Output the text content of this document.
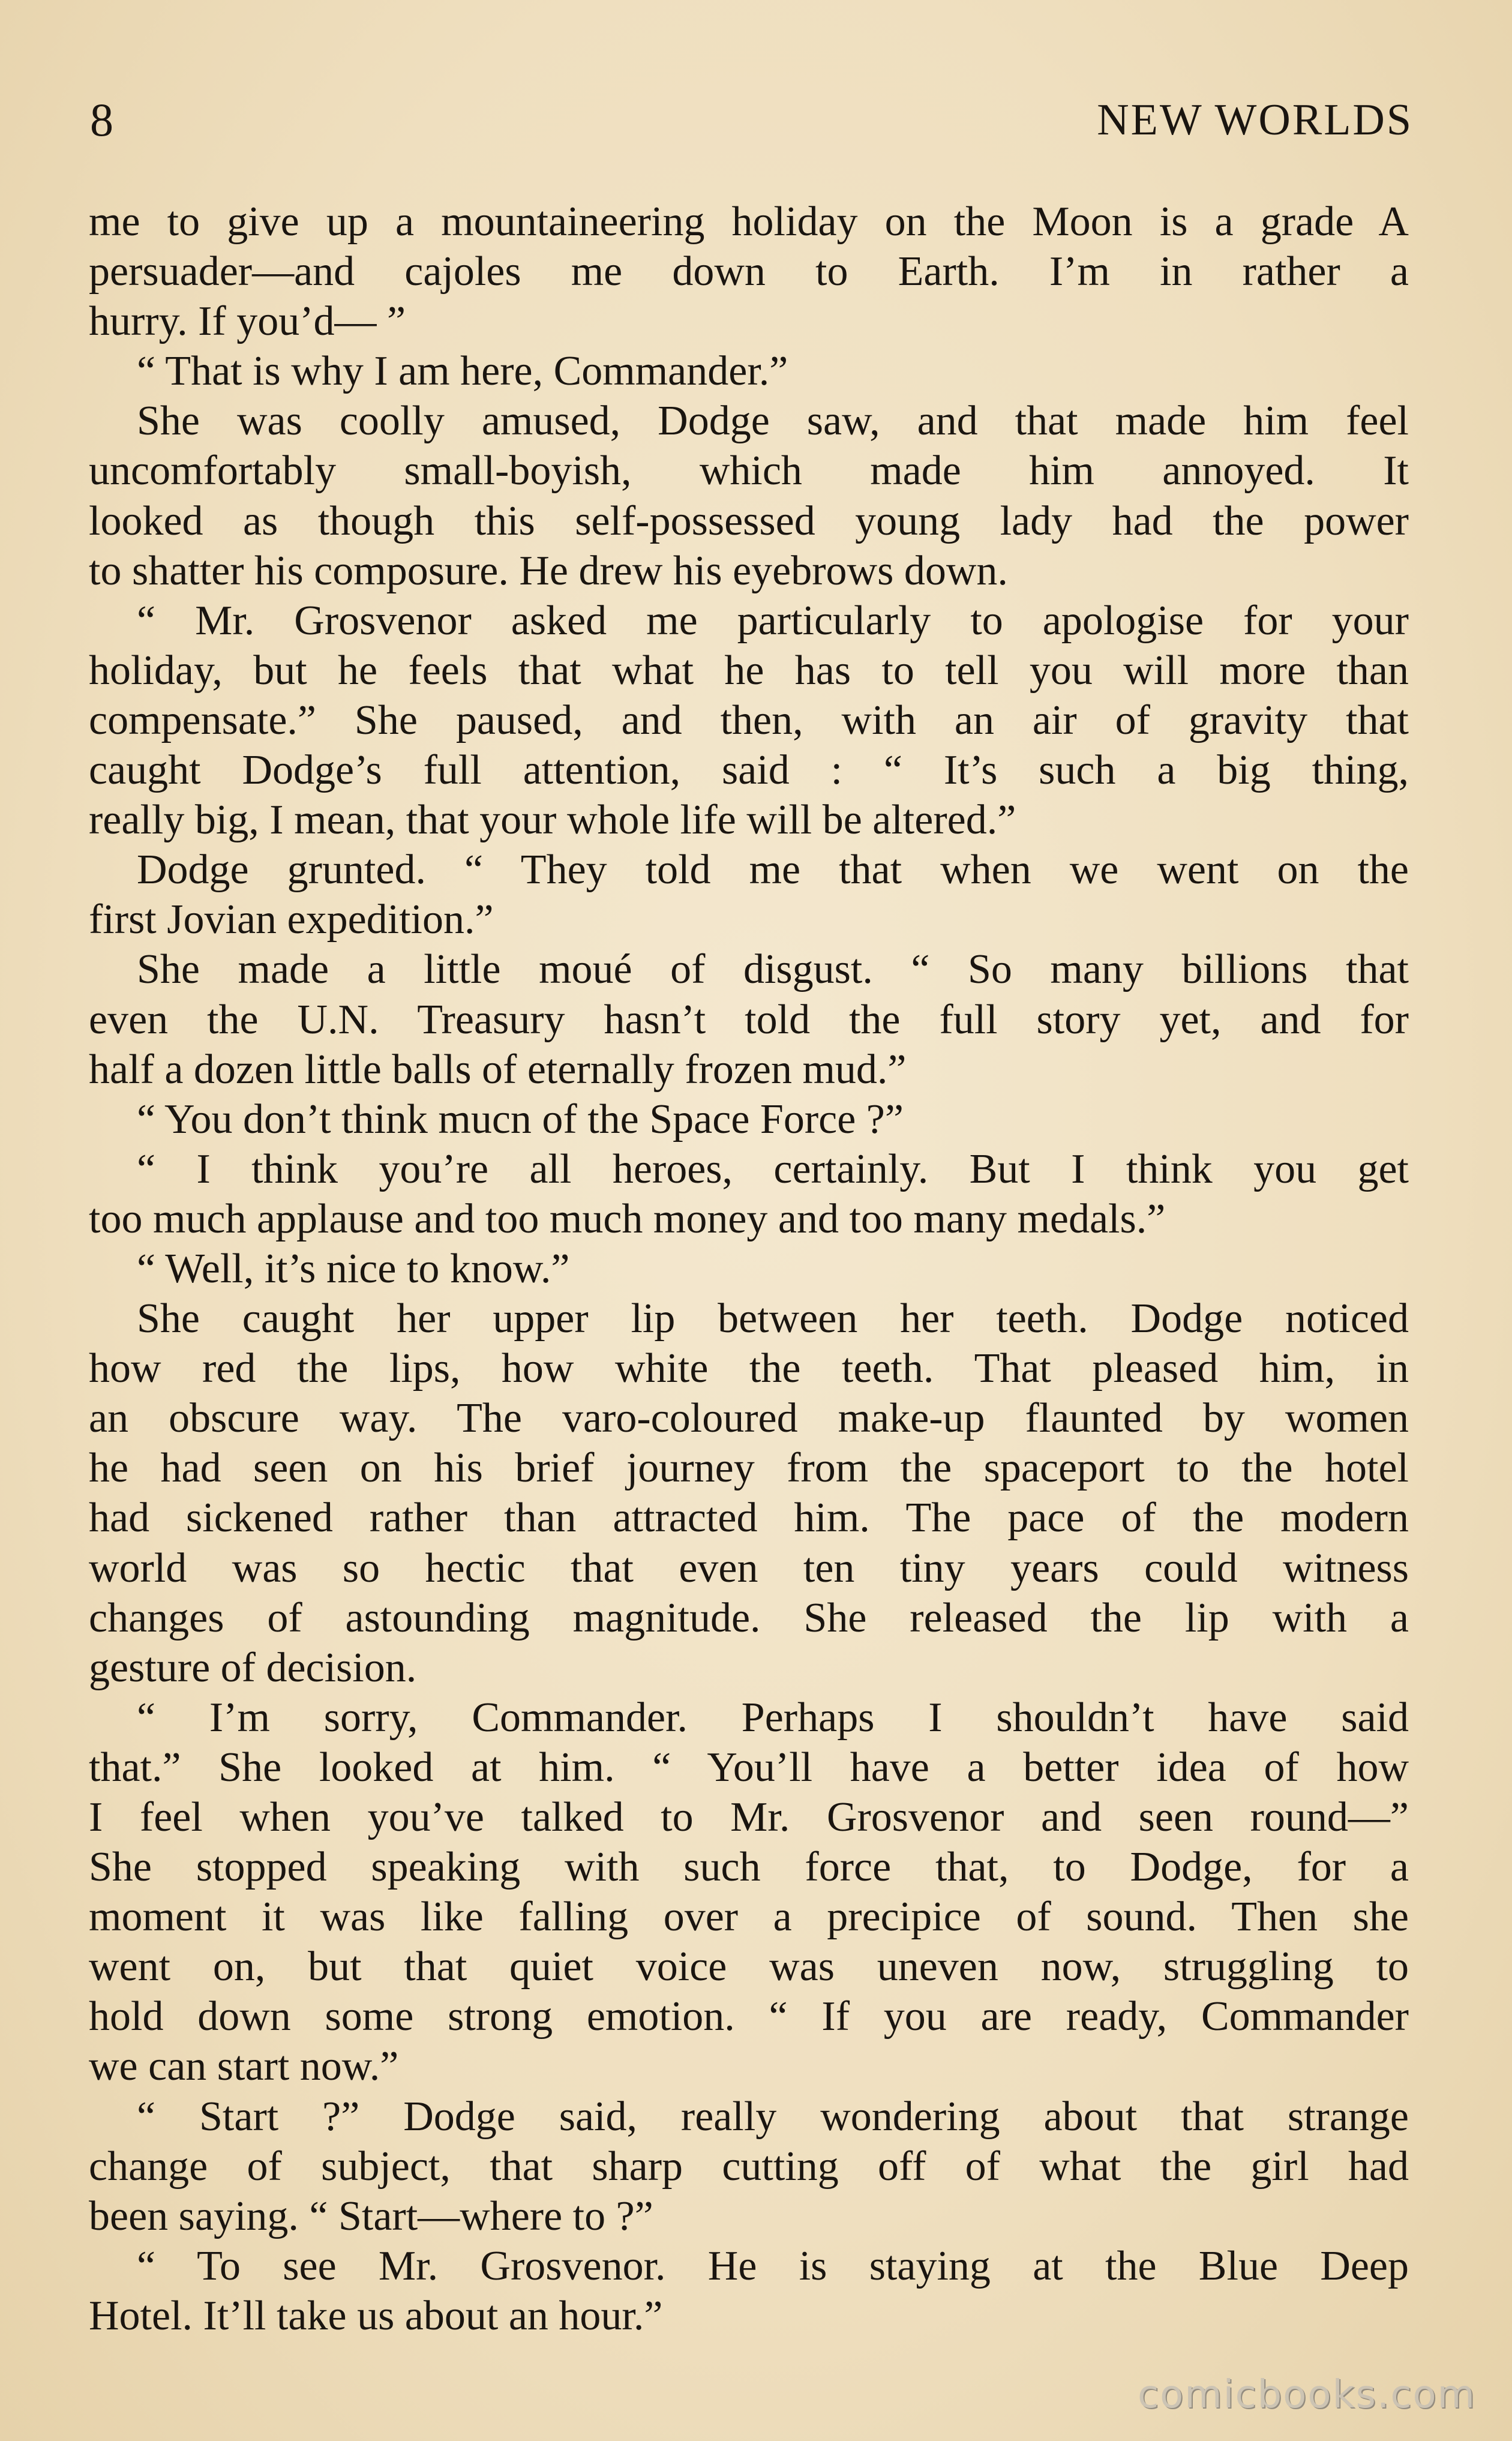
8	NEW WORLDS
me to give up a mountaineering holiday on the Moon is a grade A
persuader—and cajoles me down to Earth. I’m in rather a
hurry. If you’d— ”
“ That is why I am here, Commander.”
She was coolly amused, Dodge saw, and that made him feel
uncomfortably small-boyish, which made him annoyed. It
looked as though this self-possessed young lady had the power
to shatter his composure. He drew his eyebrows down.
“ Mr. Grosvenor asked me particularly to apologise for your
holiday, but he feels that what he has to tell you will more than
compensate.” She paused, and then, with an air of gravity that
caught Dodge’s full attention, said : “ It’s such a big thing,
really big, I mean, that your whole life will be altered.”
Dodge grunted. “ They told me that when we went on the
first Jovian expedition.”
She made a little moué of disgust. “ So many billions that
even the U.N. Treasury hasn’t told the full story yet, and for
half a dozen little balls of eternally frozen mud.”
“ You don’t think mucn of the Space Force ?”
“ I think you’re all heroes, certainly. But I think you get
too much applause and too much money and too many medals.”
“ Well, it’s nice to know.”
She caught her upper lip between her teeth. Dodge noticed
how red the lips, how white the teeth. That pleased him, in
an obscure way. The varo-coloured make-up flaunted by women
he had seen on his brief journey from the spaceport to the hotel
had sickened rather than attracted him. The pace of the modern
world was so hectic that even ten tiny years could witness
changes of astounding magnitude. She released the lip with a
gesture of decision.
“ I’m sorry, Commander. Perhaps I shouldn’t have said
that.” She looked at him. “ You’ll have a better idea of how
I feel when you’ve talked to Mr. Grosvenor and seen round—”
She stopped speaking with such force that, to Dodge, for a
moment it was like falling over a precipice of sound. Then she
went on, but that quiet voice was uneven now, struggling to
hold down some strong emotion. “ If you are ready, Commander
we can start now.”
“ Start ?” Dodge said, really wondering about that strange
change of subject, that sharp cutting off of what the girl had
been saying. “ Start—where to ?”
“ To see Mr. Grosvenor. He is staying at the Blue Deep
Hotel. It’ll take us about an hour.”
comicbooks.com
